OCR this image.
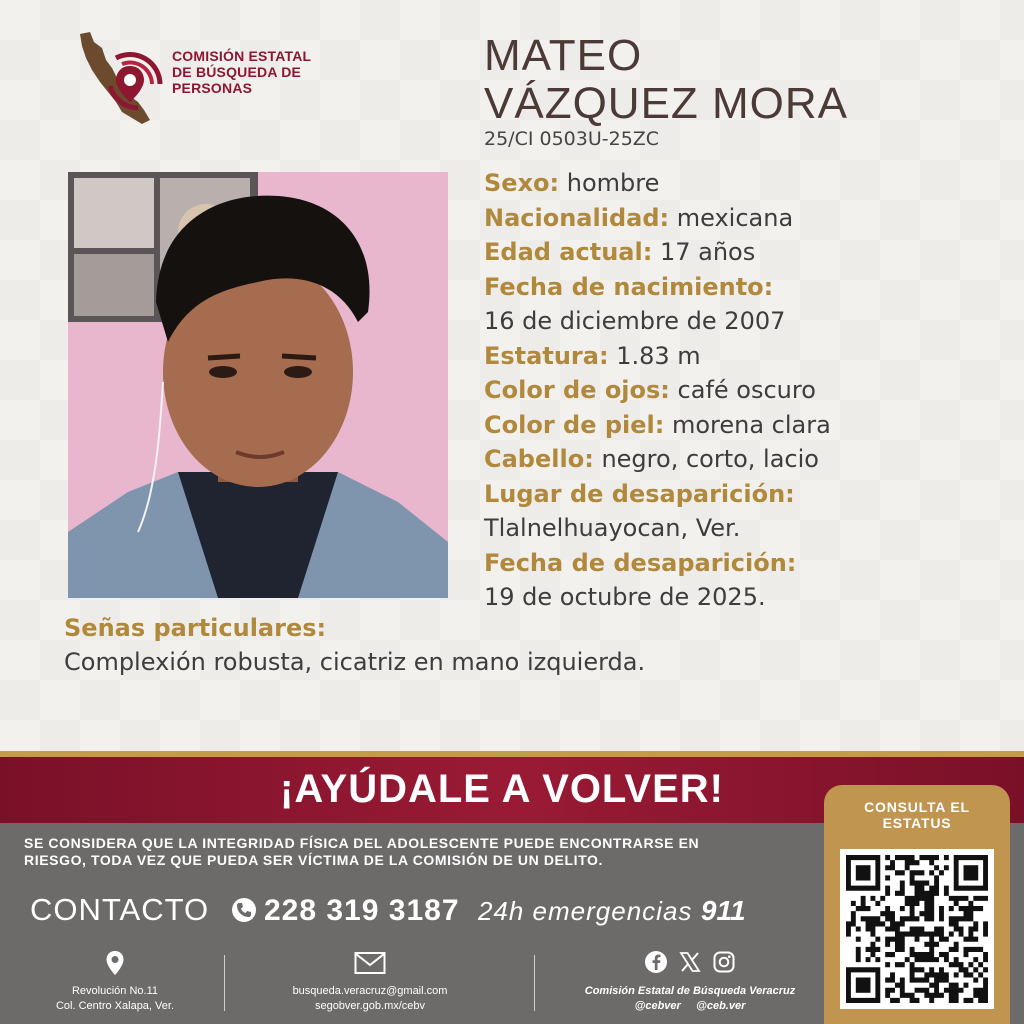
COMISIÓN ESTATAL
DE BÚSQUEDA DE
PERSONAS
MATEO
VÁZQUEZ MORA
25/CI 0503U-25ZC
Sexo: hombre
Nacionalidad: mexicana
Edad actual: 17 años
Fecha de nacimiento:
16 de diciembre de 2007
Estatura: 1.83 m
Color de ojos: café oscuro
Color de piel: morena clara
Cabello: negro, corto, lacio
Lugar de desaparición:
Tlalnelhuayocan, Ver.
Fecha de desaparición:
19 de octubre de 2025.
Señas particulares:
Complexión robusta, cicatriz en mano izquierda.
¡AYÚDALE A VOLVER!
SE CONSIDERA QUE LA INTEGRIDAD FÍSICA DEL ADOLESCENTE PUEDE ENCONTRARSE EN
RIESGO, TODA VEZ QUE PUEDA SER VÍCTIMA DE LA COMISIÓN DE UN DELITO.
CONTACTO 228 319 3187 24h emergencias 911
Revolución No.11
Col. Centro Xalapa, Ver.
busqueda.veracruz@gmail.com
segobver.gob.mx/cebv
Comisión Estatal de Búsqueda Veracruz
@cebver     @ceb.ver
CONSULTA EL
ESTATUS
